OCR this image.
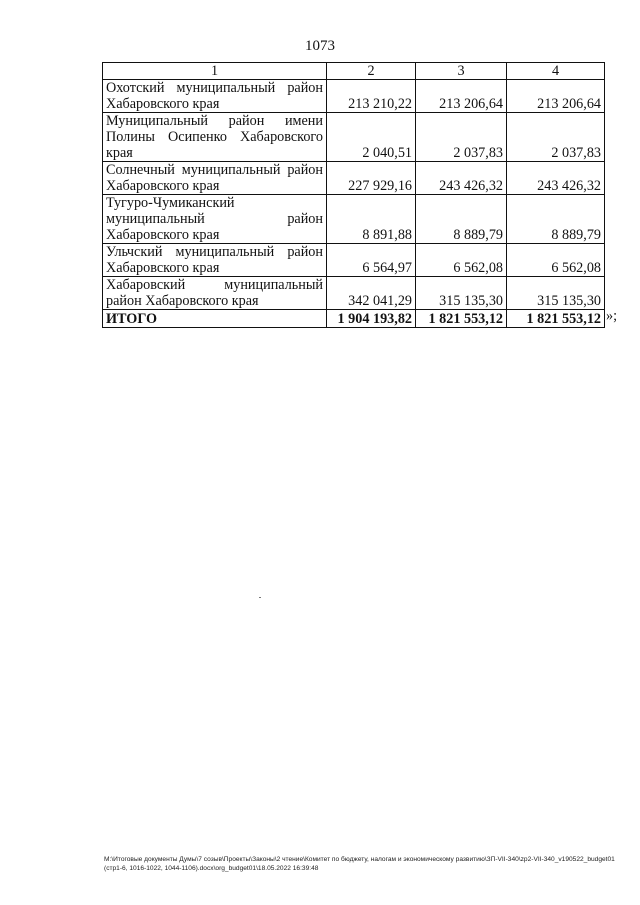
1073
1	2	3	4
Охотский муниципальный район Хабаровского края	213 210,22	213 206,64	213 206,64
Муниципальный район имени Полины Осипенко Хабаровского края	2 040,51	2 037,83	2 037,83
Солнечный муниципальный район Хабаровского края	227 929,16	243 426,32	243 426,32
Тугуро-Чумиканский муниципальный район Хабаровского края	8 891,88	8 889,79	8 889,79
Ульчский муниципальный район Хабаровского края	6 564,97	6 562,08	6 562,08
Хабаровский муниципальный район Хабаровского края	342 041,29	315 135,30	315 135,30
ИТОГО	1 904 193,82	1 821 553,12	1 821 553,12 »;
M:\Итоговые документы Думы\7 созыв\Проекты\Законы\2 чтение\Комитет по бюджету, налогам и экономическому развитию\ЗП-VII-340\zp2-VII-340_v190522_budget01 (стр1-6, 1016-1022, 1044-1106).docx\org_budget01\18.05.2022 16:39:48
